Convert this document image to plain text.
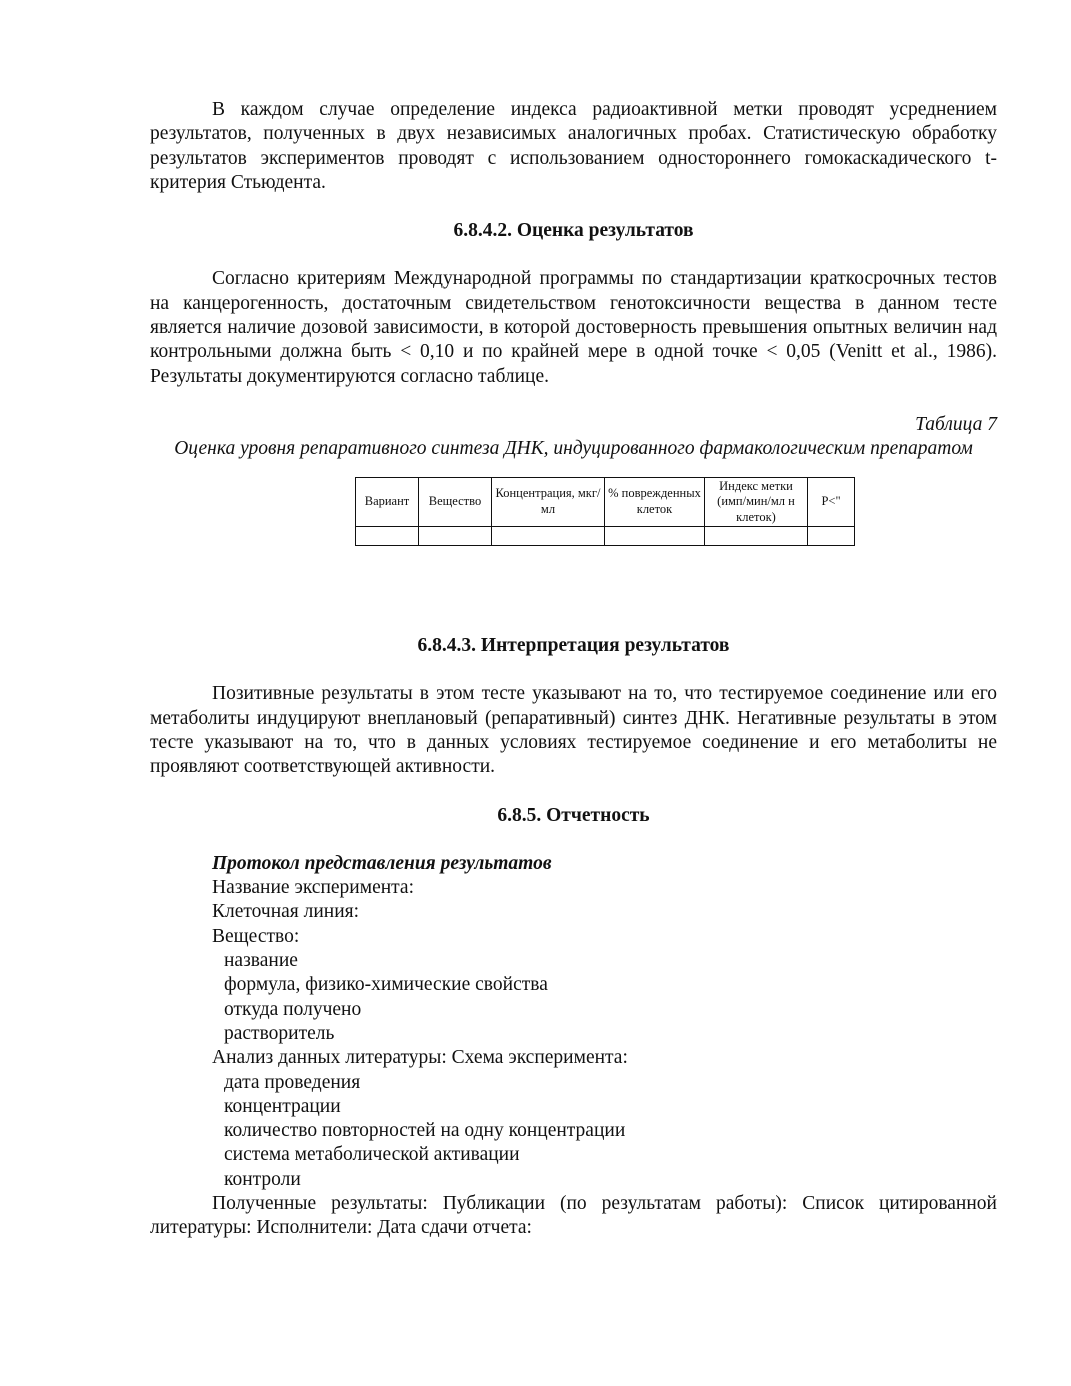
В каждом случае определение индекса радиоактивной метки проводят усреднением результатов, полученных в двух независимых аналогичных пробах. Статистическую обработку результатов экспериментов проводят с использованием одностороннего гомокаскадического t-критерия Стьюдента.

6.8.4.2. Оценка результатов

Согласно критериям Международной программы по стандартизации краткосрочных тестов на канцерогенность, достаточным свидетельством генотоксичности вещества в данном тесте является наличие дозовой зависимости, в которой достоверность превышения опытных величин над контрольными должна быть < 0,10 и по крайней мере в одной точке < 0,05 (Venitt et al., 1986). Результаты документируются согласно таблице.

Таблица 7
Оценка уровня репаративного синтеза ДНК, индуцированного фармакологическим препаратом
Вариант	Вещество	Концентрация, мкг/мл	% поврежденных клеток	Индекс метки (имп/мин/мл н клеток)	Р<"

6.8.4.3. Интерпретация результатов

Позитивные результаты в этом тесте указывают на то, что тестируемое соединение или его метаболиты индуцируют внеплановый (репаративный) синтез ДНК. Негативные результаты в этом тесте указывают на то, что в данных условиях тестируемое соединение и его метаболиты не проявляют соответствующей активности.

6.8.5. Отчетность
Протокол представления результатов
Название эксперимента:
Клеточная линия:
Вещество:
название
формула, физико-химические свойства
откуда получено
растворитель
Анализ данных литературы: Схема эксперимента:
дата проведения
концентрации
количество повторностей на одну концентрации
система метаболической активации
контроли

Полученные результаты: Публикации (по результатам работы): Список цитированной литературы: Исполнители: Дата сдачи отчета:
